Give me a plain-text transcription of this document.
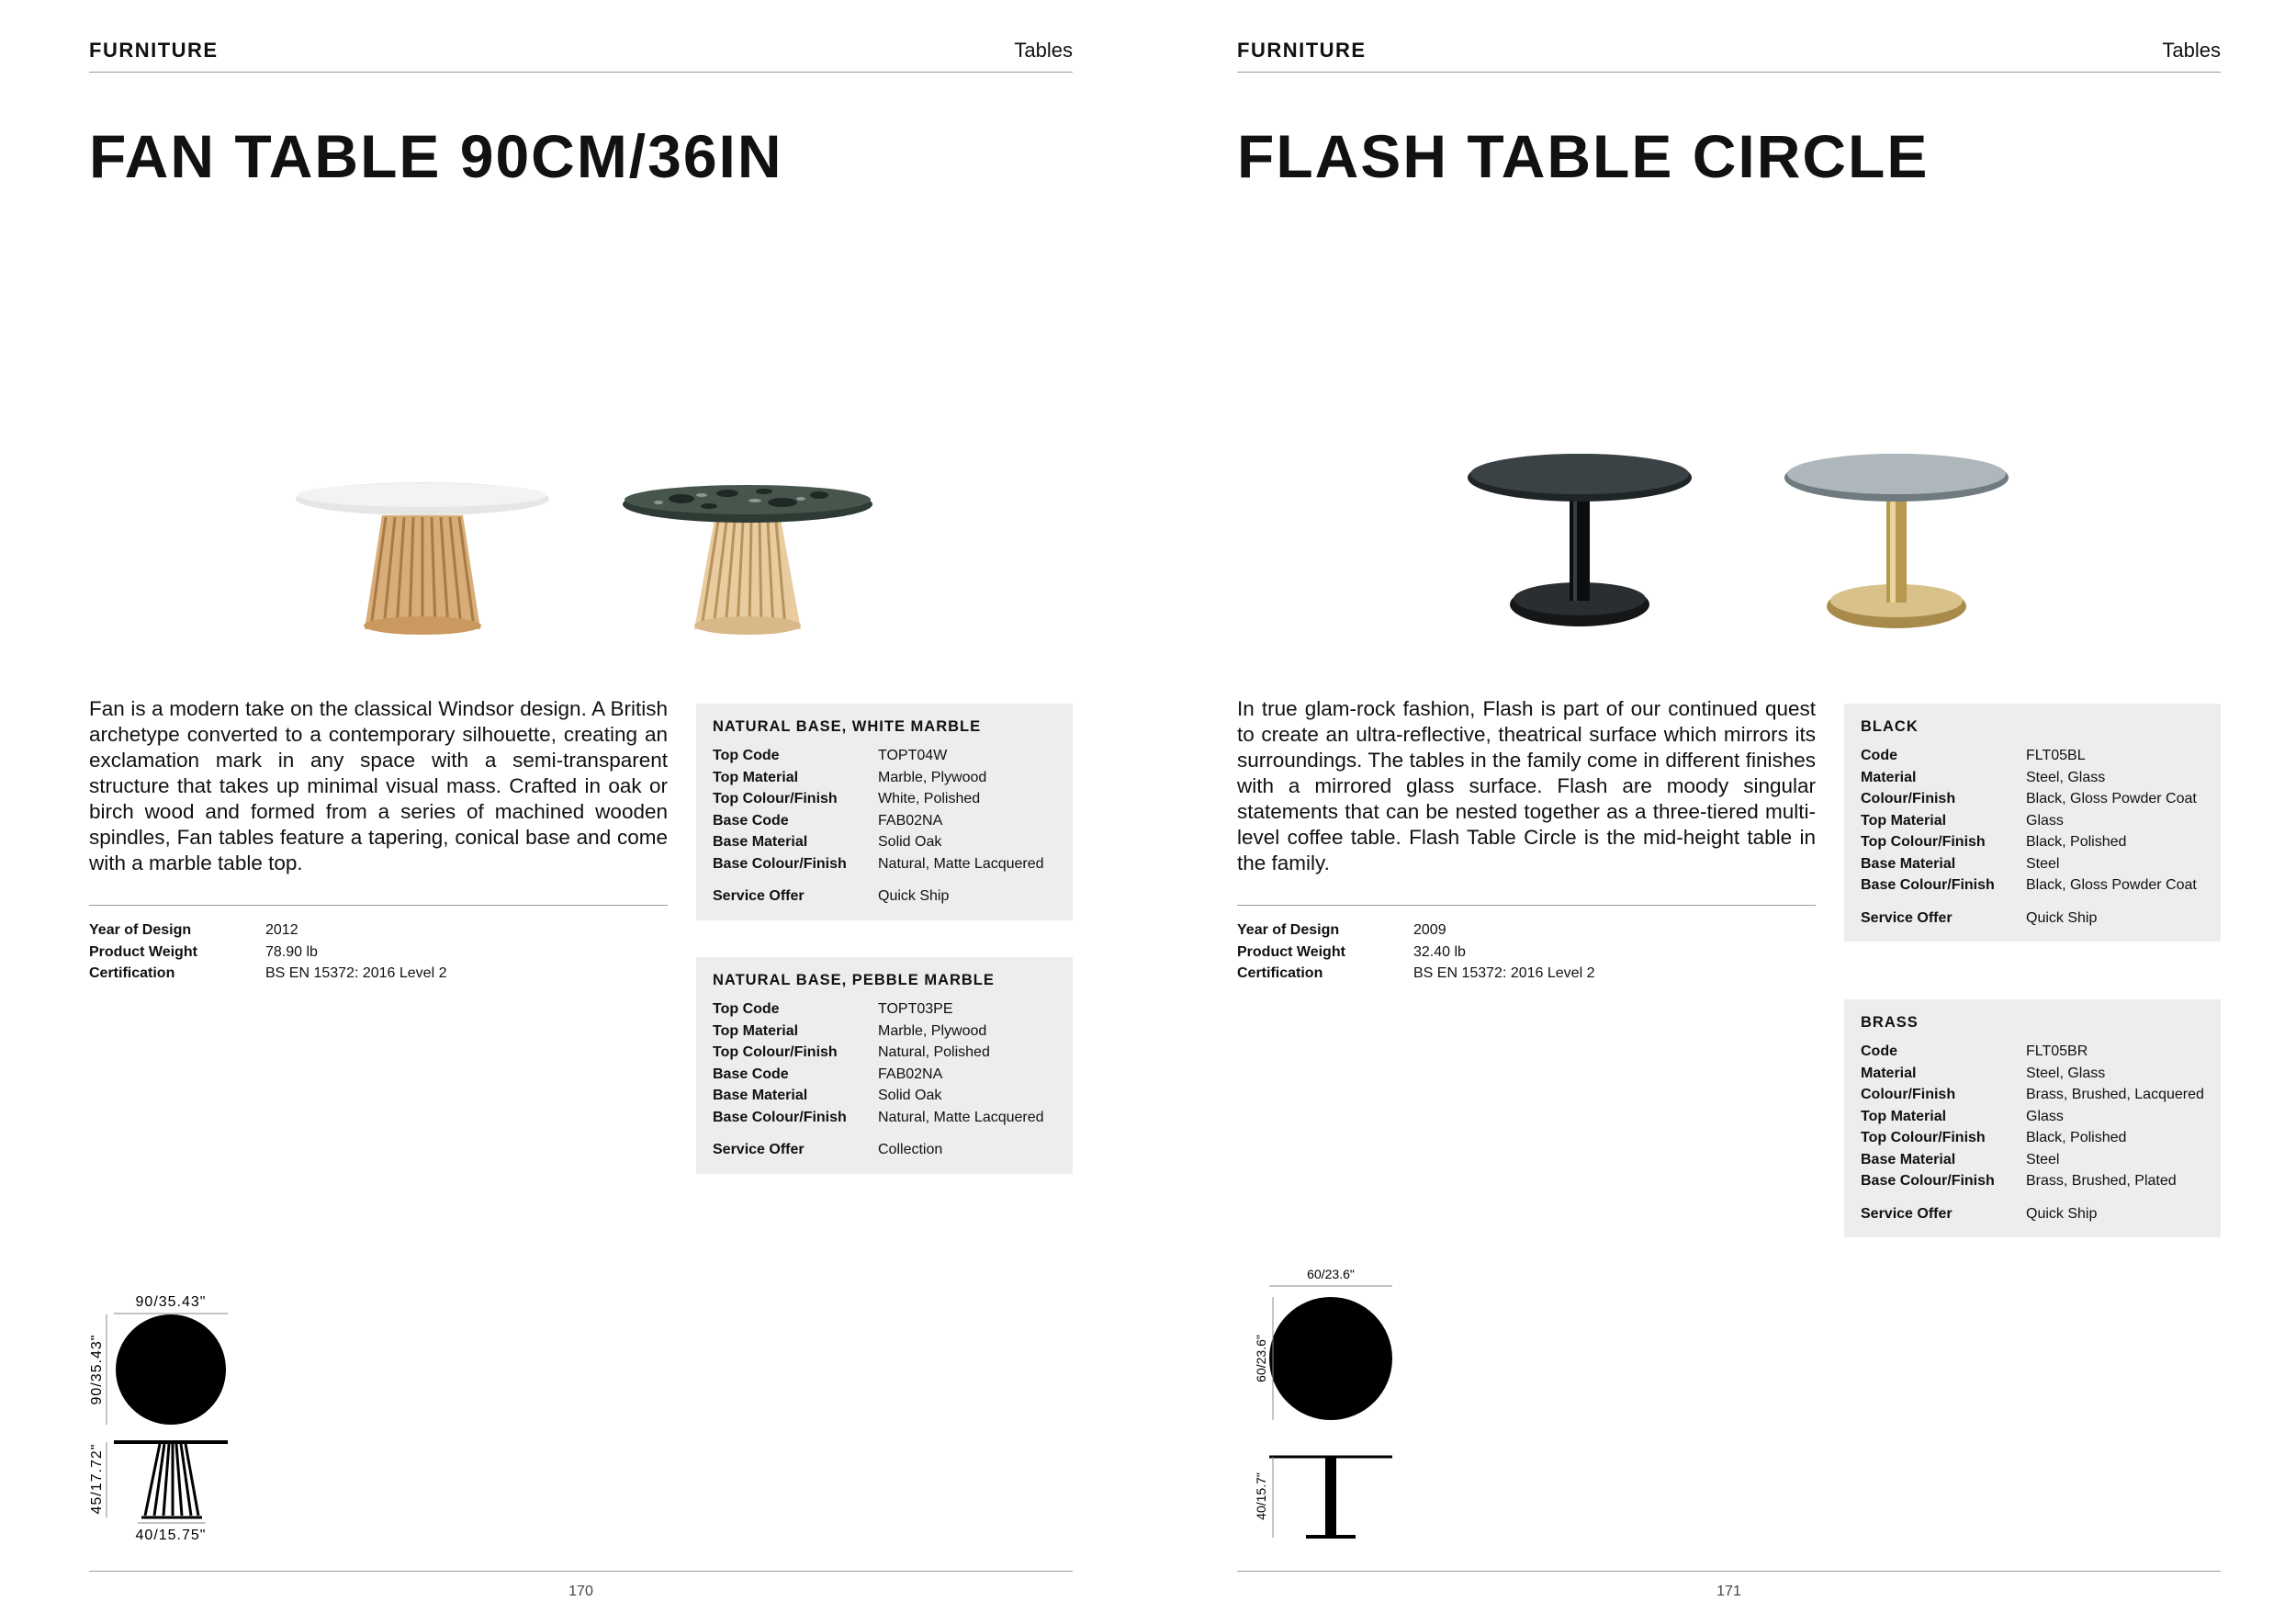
FURNITURE	Tables
FAN TABLE 90CM/36IN
Fan is a modern take on the classical Windsor design. A British archetype converted to a contemporary silhouette, creating an exclamation mark in any space with a semi-transparent structure that takes up minimal visual mass. Crafted in oak or birch wood and formed from a series of machined wooden spindles, Fan tables feature a tapering, conical base and come with a marble table top.
Year of Design	2012
Product Weight	78.90 lb
Certification	BS EN 15372: 2016 Level 2
NATURAL BASE, WHITE MARBLE
Top Code	TOPT04W
Top Material	Marble, Plywood
Top Colour/Finish	White, Polished
Base Code	FAB02NA
Base Material	Solid Oak
Base Colour/Finish	Natural, Matte Lacquered
Service Offer	Quick Ship
NATURAL BASE, PEBBLE MARBLE
Top Code	TOPT03PE
Top Material	Marble, Plywood
Top Colour/Finish	Natural, Polished
Base Code	FAB02NA
Base Material	Solid Oak
Base Colour/Finish	Natural, Matte Lacquered
Service Offer	Collection
90/35.43"
90/35.43"
45/17.72"
40/15.75"
170
FURNITURE	Tables
FLASH TABLE CIRCLE
In true glam-rock fashion, Flash is part of our continued quest to create an ultra-reflective, theatrical surface which mirrors its surroundings. The tables in the family come in different finishes with a mirrored glass surface. Flash are moody singular statements that can be nested together as a three-tiered multi-level coffee table. Flash Table Circle is the mid-height table in the family.
Year of Design	2009
Product Weight	32.40 lb
Certification	BS EN 15372: 2016 Level 2
BLACK
Code	FLT05BL
Material	Steel, Glass
Colour/Finish	Black, Gloss Powder Coat
Top Material	Glass
Top Colour/Finish	Black, Polished
Base Material	Steel
Base Colour/Finish	Black, Gloss Powder Coat
Service Offer	Quick Ship
BRASS
Code	FLT05BR
Material	Steel, Glass
Colour/Finish	Brass, Brushed, Lacquered
Top Material	Glass
Top Colour/Finish	Black, Polished
Base Material	Steel
Base Colour/Finish	Brass, Brushed, Plated
Service Offer	Quick Ship
60/23.6"
60/23.6"
40/15.7"
171
